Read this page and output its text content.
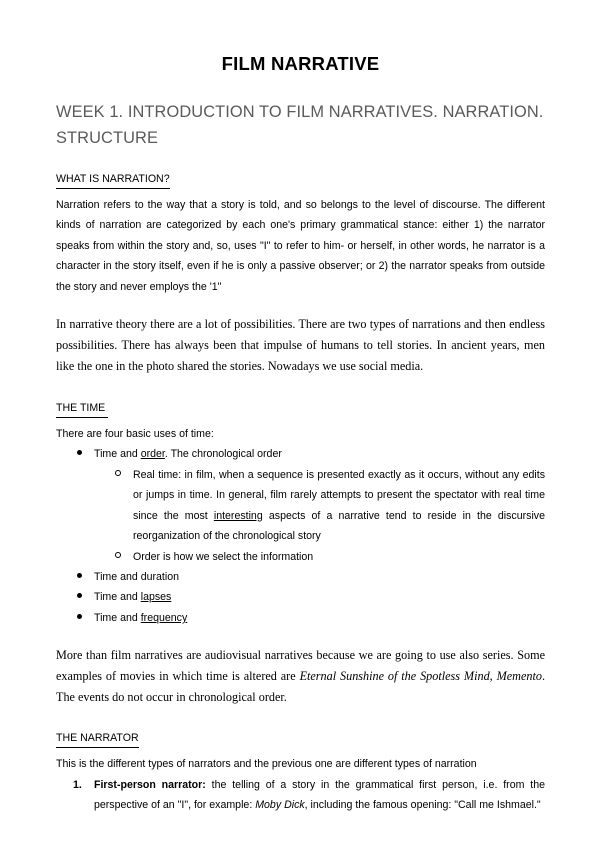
FILM NARRATIVE
WEEK 1. INTRODUCTION TO FILM NARRATIVES. NARRATION. STRUCTURE
WHAT IS NARRATION?

Narration refers to the way that a story is told, and so belongs to the level of discourse. The different kinds of narration are categorized by each one's primary grammatical stance: either 1) the narrator speaks from within the story and, so, uses "I" to refer to him- or herself, in other words, he narrator is a character in the story itself, even if he is only a passive observer; or 2) the narrator speaks from outside the story and never employs the '1"

In narrative theory there are a lot of possibilities. There are two types of narrations and then endless possibilities. There has always been that impulse of humans to tell stories. In ancient years, men like the one in the photo shared the stories. Nowadays we use social media.

THE TIME

There are four basic uses of time:

Time and order. The chronological order
Real time: in film, when a sequence is presented exactly as it occurs, without any edits or jumps in time. In general, film rarely attempts to present the spectator with real time since the most interesting aspects of a narrative tend to reside in the discursive reorganization of the chronological story
Order is how we select the information
Time and duration
Time and lapses
Time and frequency

More than film narratives are audiovisual narratives because we are going to use also series. Some examples of movies in which time is altered are Eternal Sunshine of the Spotless Mind, Memento. The events do not occur in chronological order.

THE NARRATOR

This is the different types of narrators and the previous one are different types of narration

1. First-person narrator: the telling of a story in the grammatical first person, i.e. from the perspective of an "I", for example: Moby Dick, including the famous opening: "Call me Ishmael."
